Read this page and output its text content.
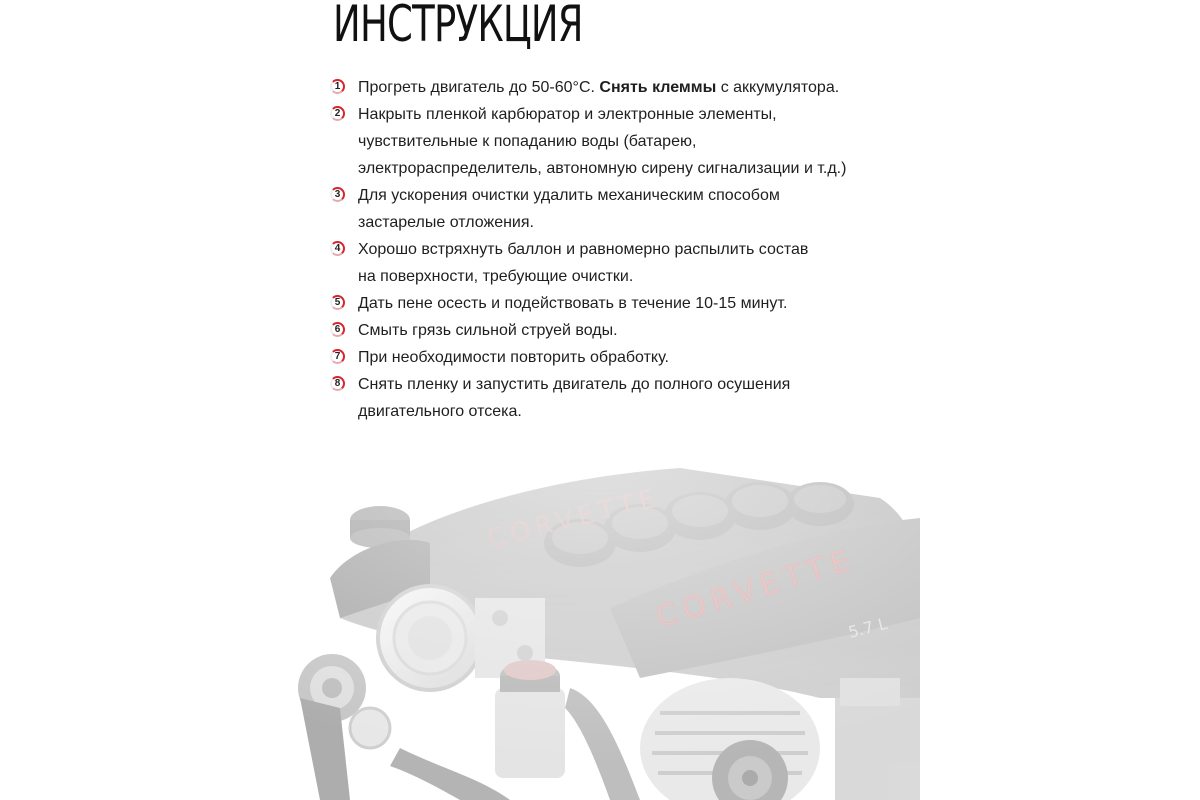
ИНСТРУКЦИЯ
1 Прогреть двигатель до 50-60°C. Снять клеммы с аккумулятора.
2 Накрыть пленкой карбюратор и электронные элементы,
чувствительные к попаданию воды (батарею,
электрораспределитель, автономную сирену сигнализации и т.д.)
3 Для ускорения очистки удалить механическим способом
застарелые отложения.
4 Хорошо встряхнуть баллон и равномерно распылить состав
на поверхности, требующие очистки.
5 Дать пене осесть и подействовать в течение 10-15 минут.
6 Смыть грязь сильной струей воды.
7 При необходимости повторить обработку.
8 Снять пленку и запустить двигатель до полного осушения
двигательного отсека.
